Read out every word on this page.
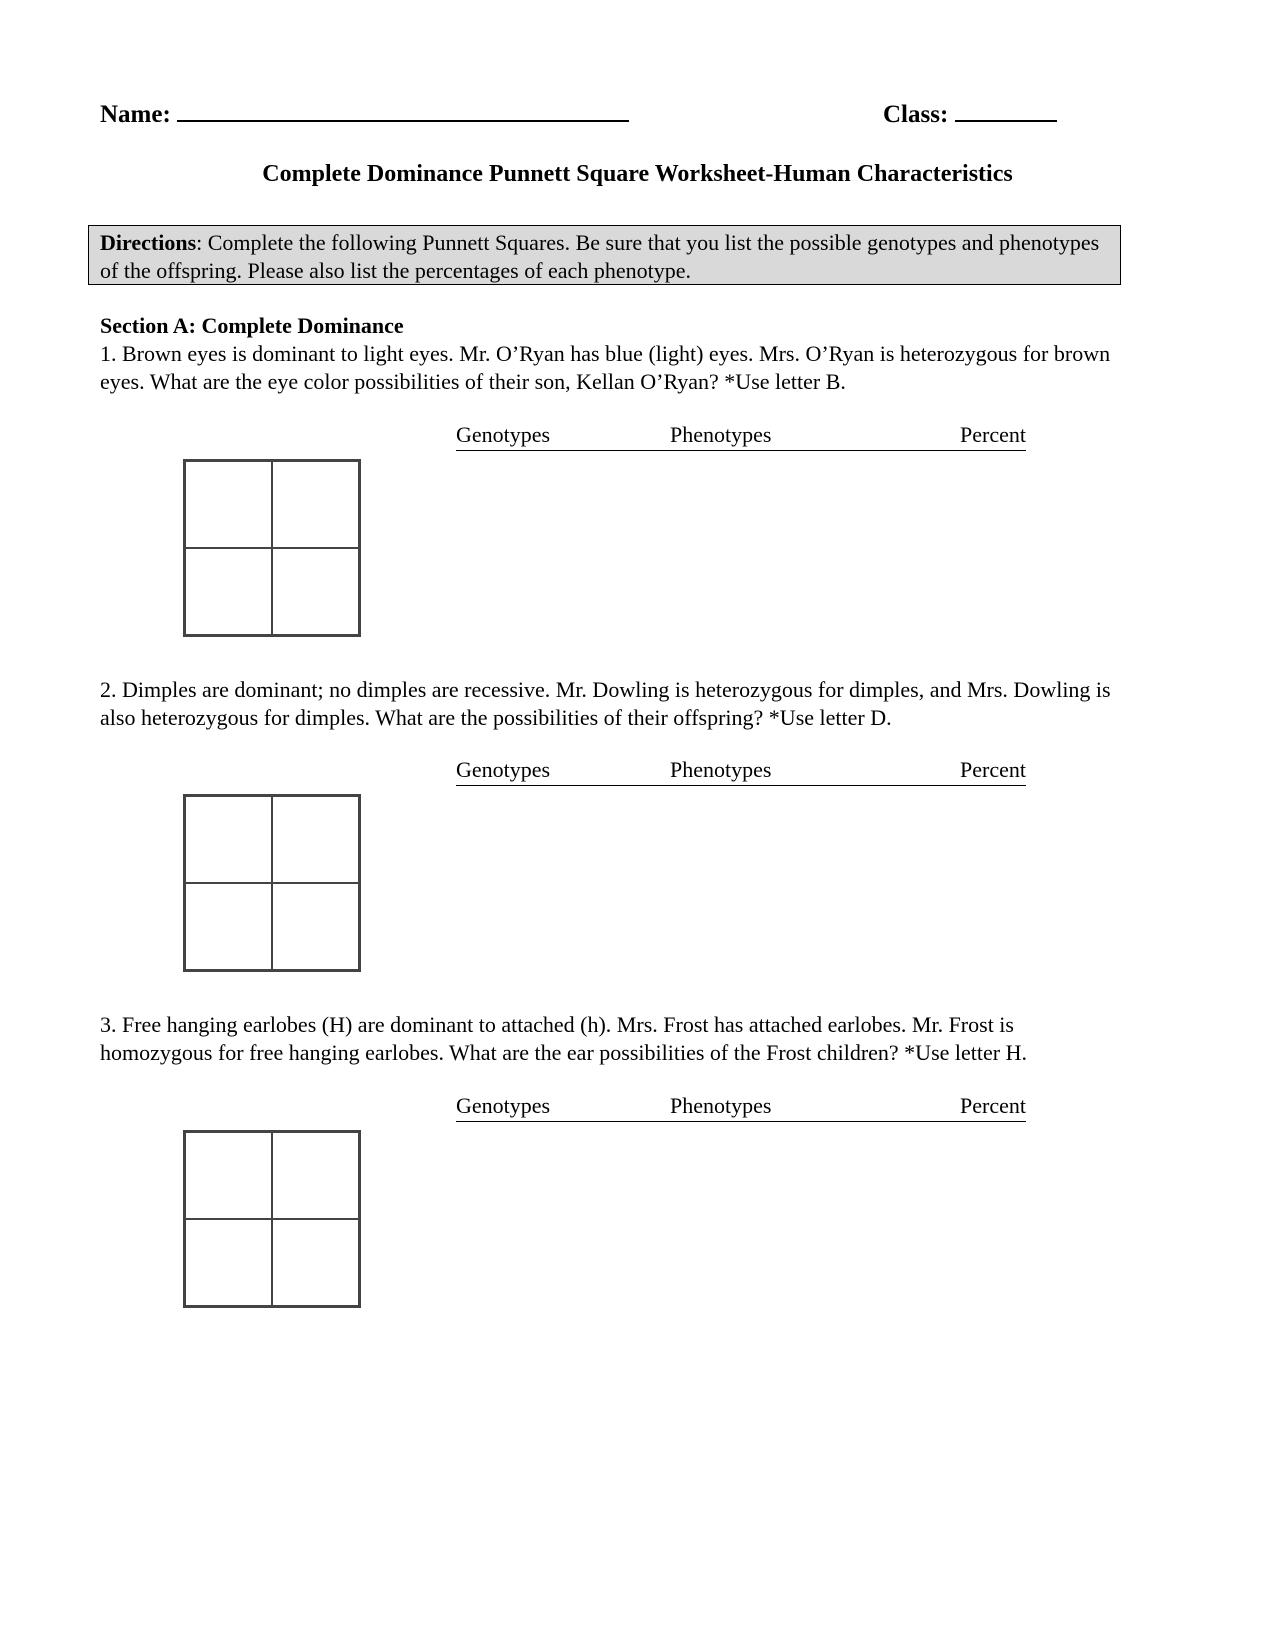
Name:	Class:
Complete Dominance Punnett Square Worksheet-Human Characteristics
Directions: Complete the following Punnett Squares. Be sure that you list the possible genotypes and phenotypes of the offspring. Please also list the percentages of each phenotype.
Section A: Complete Dominance
1. Brown eyes is dominant to light eyes. Mr. O’Ryan has blue (light) eyes. Mrs. O’Ryan is heterozygous for brown eyes. What are the eye color possibilities of their son, Kellan O’Ryan? *Use letter B.
Genotypes	Phenotypes	Percent
2. Dimples are dominant; no dimples are recessive. Mr. Dowling is heterozygous for dimples, and Mrs. Dowling is also heterozygous for dimples. What are the possibilities of their offspring? *Use letter D.
Genotypes	Phenotypes	Percent
3. Free hanging earlobes (H) are dominant to attached (h). Mrs. Frost has attached earlobes. Mr. Frost is homozygous for free hanging earlobes. What are the ear possibilities of the Frost children? *Use letter H.
Genotypes	Phenotypes	Percent
